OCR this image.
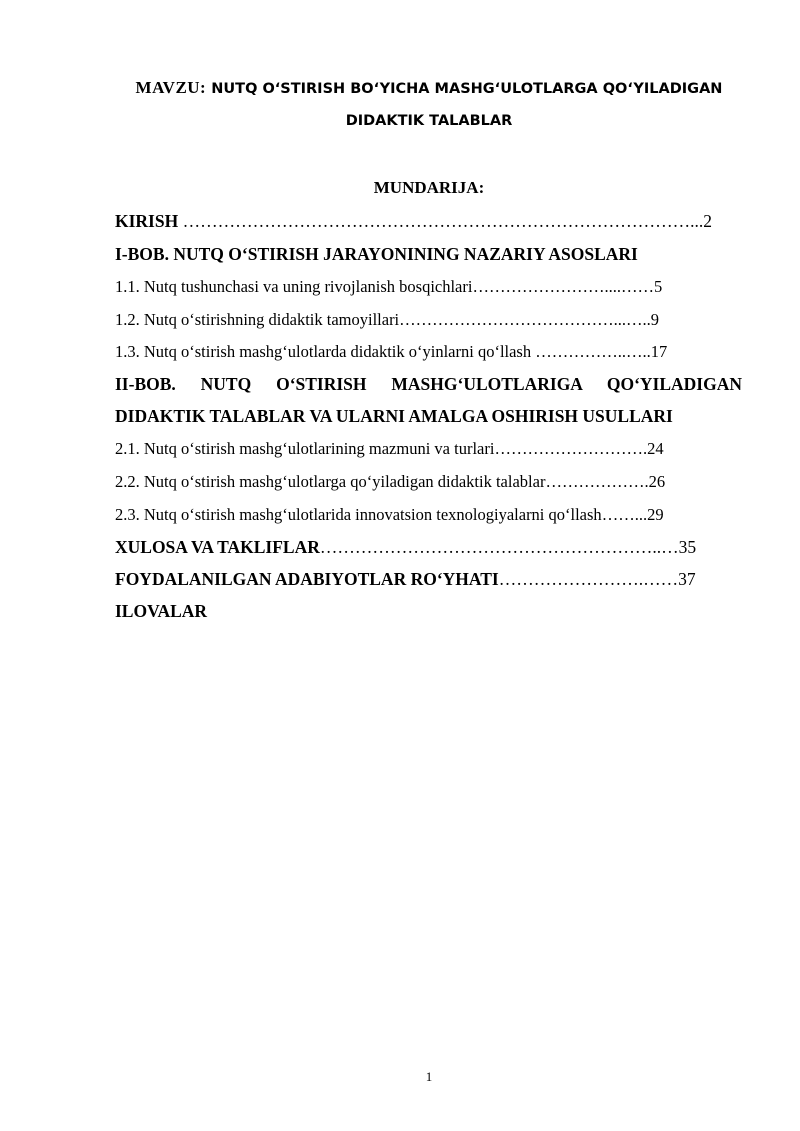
MAVZU: NUTQ O‘STIRISH BO‘YICHA MASHG‘ULOTLARGA QO‘YILADIGAN
DIDAKTIK TALABLAR
MUNDARIJA:
KIRISH ……………………………………………………………………………...2
I-BOB. NUTQ O‘STIRISH JARAYONINING NAZARIY ASOSLARI
1.1. Nutq tushunchasi va uning rivojlanish bosqichlari……………………....……5
1.2. Nutq o‘stirishning didaktik tamoyillari…………………………………...…..9
1.3. Nutq o‘stirish mashg‘ulotlarda didaktik o‘yinlarni qo‘llash ……………..…..17
II-BOB. NUTQ O‘STIRISH MASHG‘ULOTLARIGA QO‘YILADIGAN
DIDAKTIK TALABLAR VA ULARNI AMALGA OSHIRISH USULLARI
2.1. Nutq o‘stirish mashg‘ulotlarining mazmuni va turlari……………………….24
2.2. Nutq o‘stirish mashg‘ulotlarga qo‘yiladigan didaktik talablar……………….26
2.3. Nutq o‘stirish mashg‘ulotlarida innovatsion texnologiyalarni qo‘llash……...29
XULOSA VA TAKLIFLAR…………………………………………………..…35
FOYDALANILGAN ADABIYOTLAR RO‘YHATI…………………….……37
ILOVALAR
1
